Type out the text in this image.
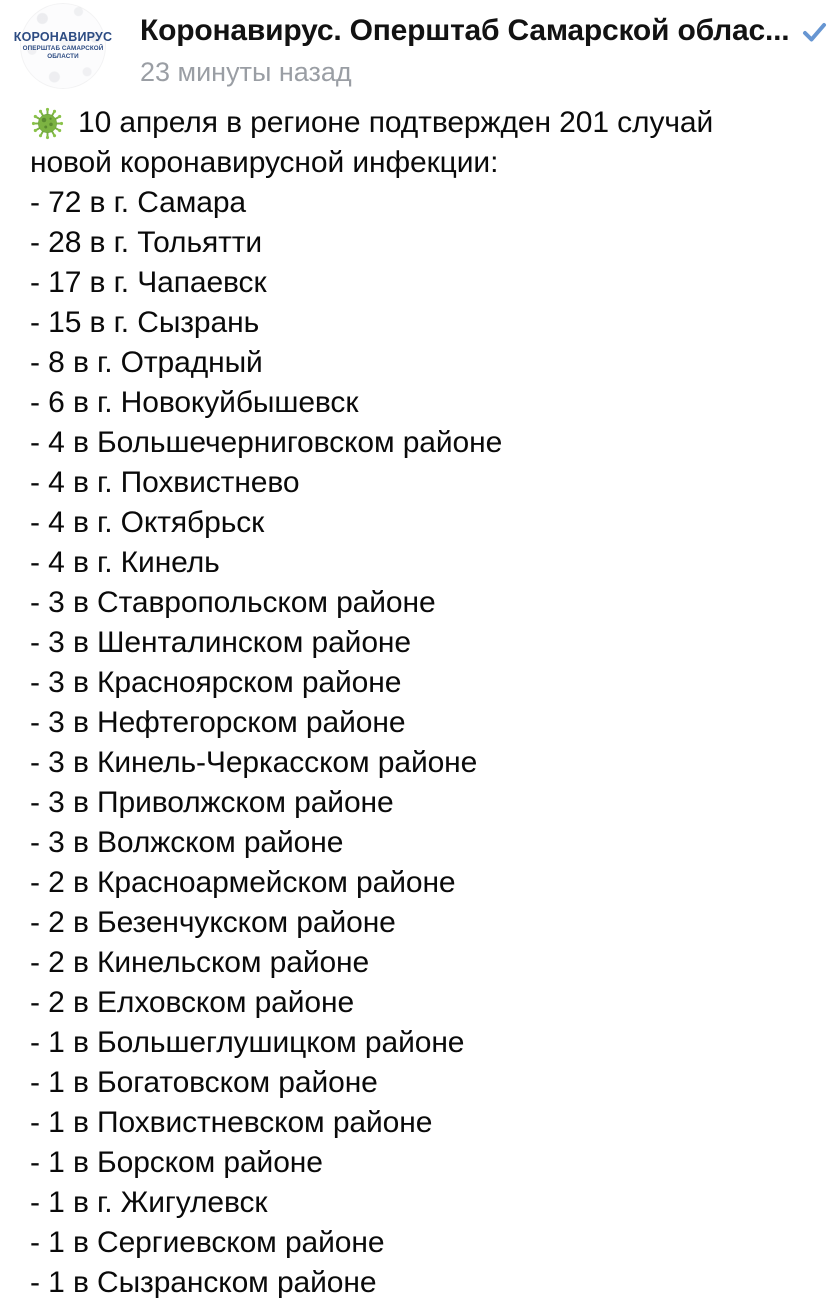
КОРОНАВИРУС
ОПЕРШТАБ САМАРСКОЙ ОБЛАСТИ
Коронавирус. Оперштаб Самарской облас...
23 минуты назад
10 апреля в регионе подтвержден 201 случай
новой коронавирусной инфекции:
- 72 в г. Самара
- 28 в г. Тольятти
- 17 в г. Чапаевск
- 15 в г. Сызрань
- 8 в г. Отрадный
- 6 в г. Новокуйбышевск
- 4 в Большечерниговском районе
- 4 в г. Похвистнево
- 4 в г. Октябрьск
- 4 в г. Кинель
- 3 в Ставропольском районе
- 3 в Шенталинском районе
- 3 в Красноярском районе
- 3 в Нефтегорском районе
- 3 в Кинель-Черкасском районе
- 3 в Приволжском районе
- 3 в Волжском районе
- 2 в Красноармейском районе
- 2 в Безенчукском районе
- 2 в Кинельском районе
- 2 в Елховском районе
- 1 в Большеглушицком районе
- 1 в Богатовском районе
- 1 в Похвистневском районе
- 1 в Борском районе
- 1 в г. Жигулевск
- 1 в Сергиевском районе
- 1 в Сызранском районе
